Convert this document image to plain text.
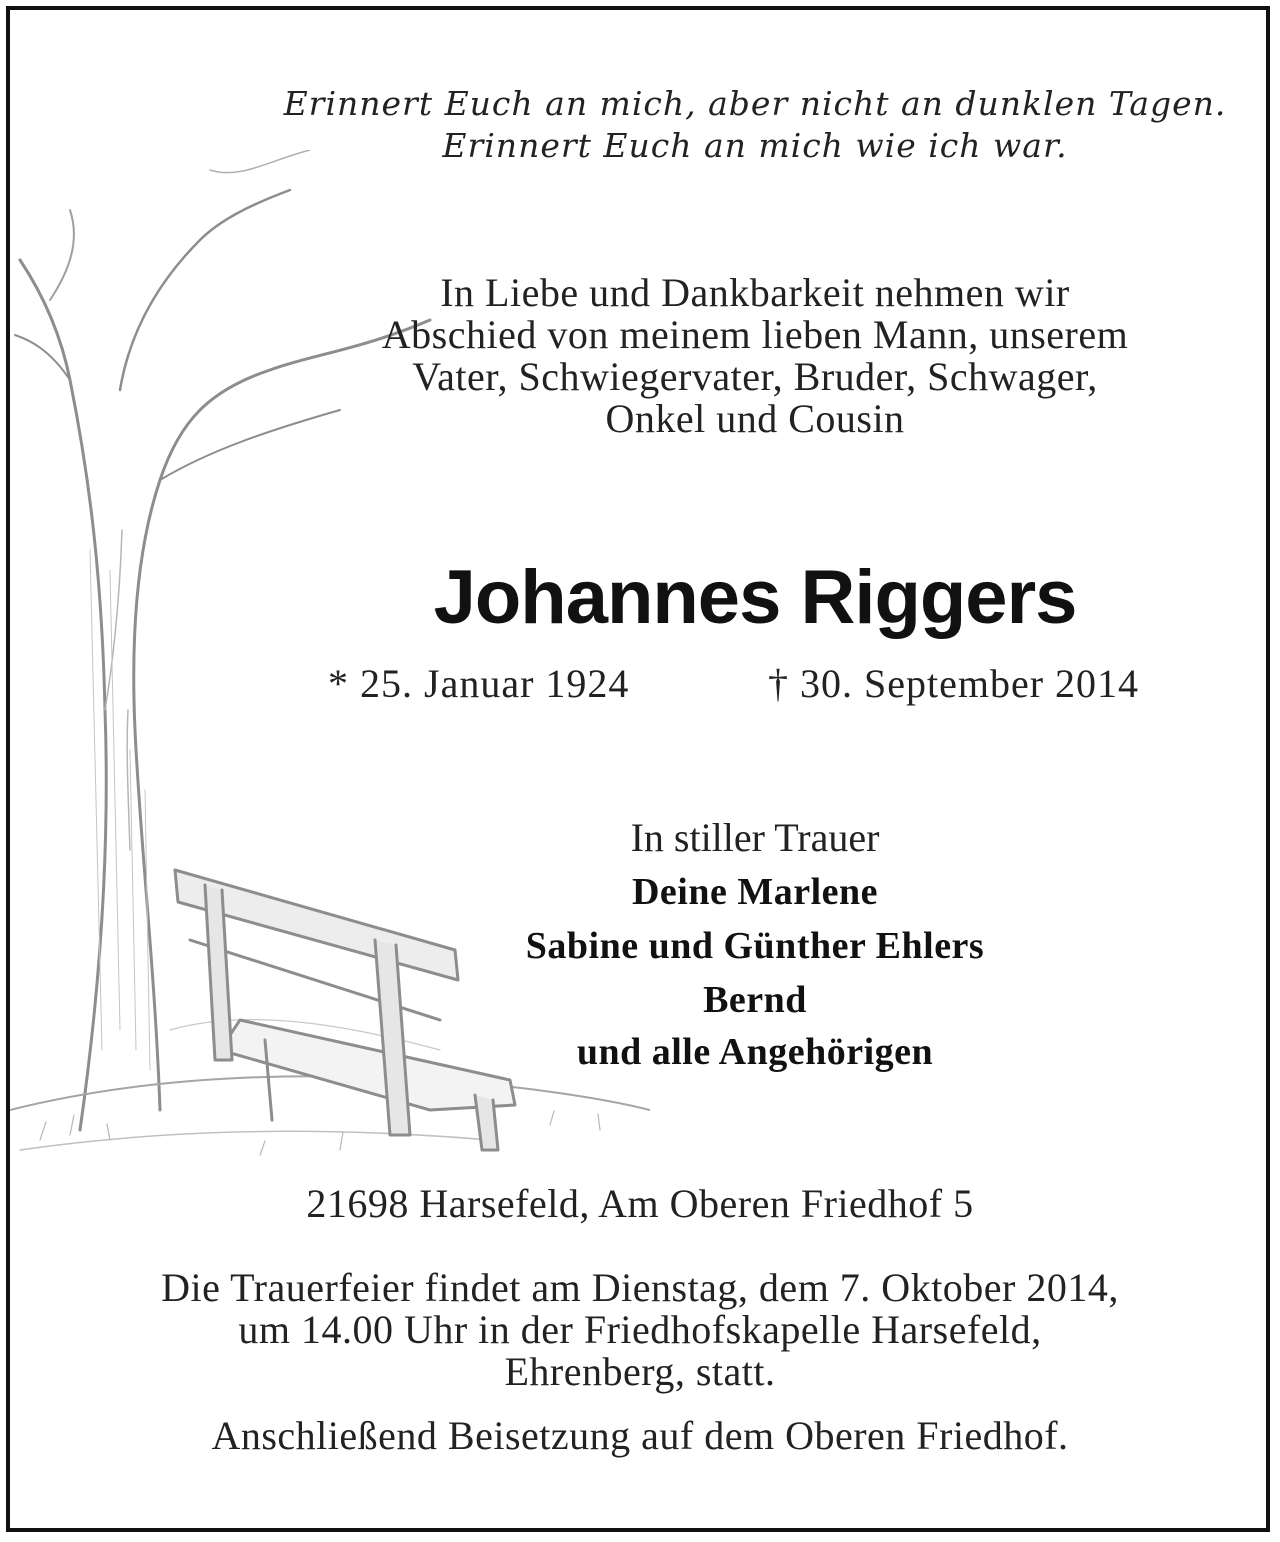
Erinnert Euch an mich, aber nicht an dunklen Tagen.
Erinnert Euch an mich wie ich war.
In Liebe und Dankbarkeit nehmen wir
Abschied von meinem lieben Mann, unserem
Vater, Schwiegervater, Bruder, Schwager,
Onkel und Cousin
Johannes Riggers
* 25. Januar 1924	† 30. September 2014
In stiller Trauer
Deine Marlene
Sabine und Günther Ehlers
Bernd
und alle Angehörigen
21698 Harsefeld, Am Oberen Friedhof 5
Die Trauerfeier findet am Dienstag, dem 7. Oktober 2014,
um 14.00 Uhr in der Friedhofskapelle Harsefeld,
Ehrenberg, statt.
Anschließend Beisetzung auf dem Oberen Friedhof.
